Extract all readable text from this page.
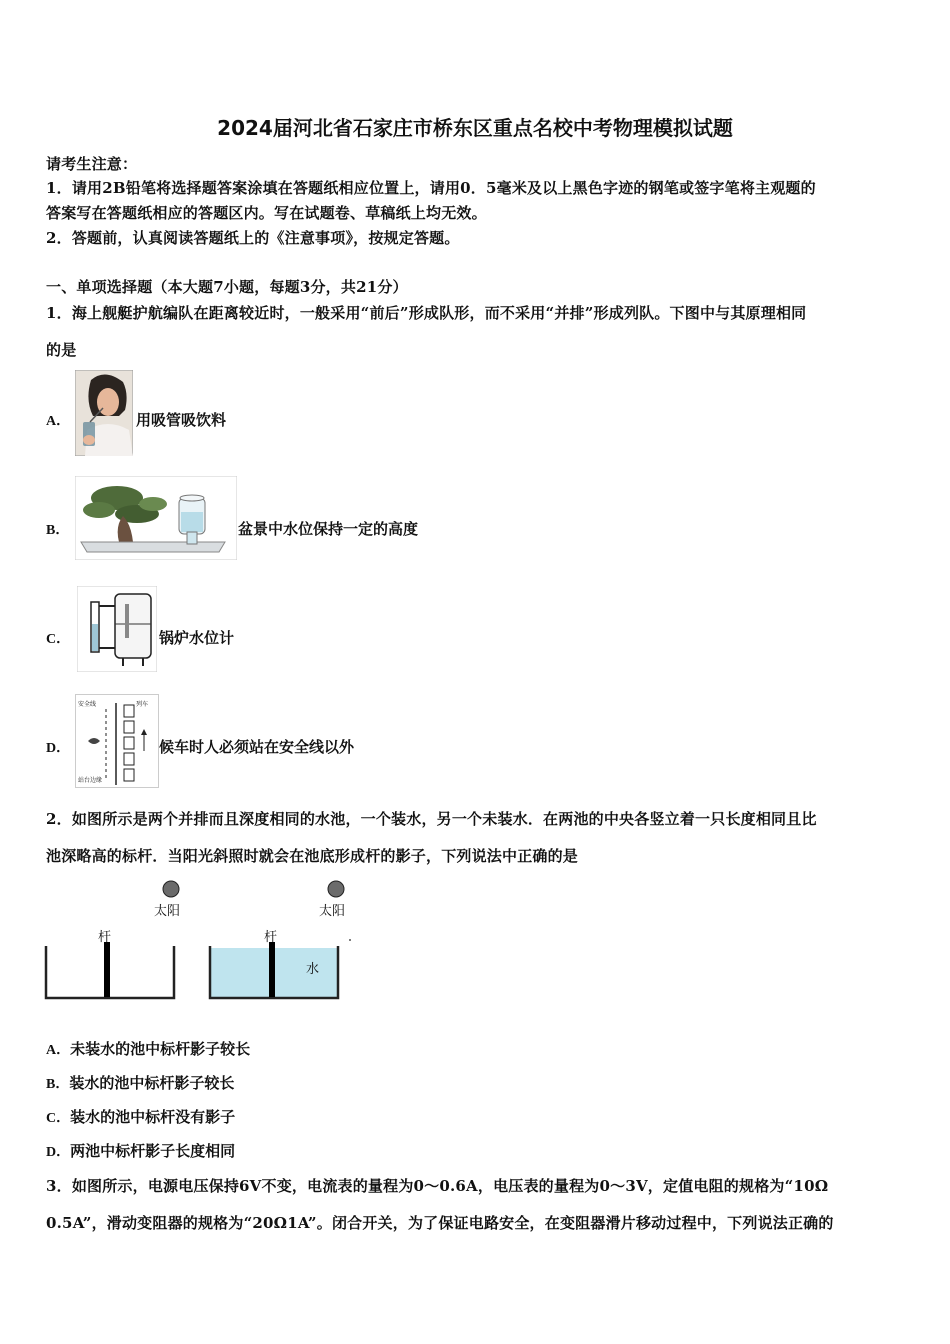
2024届河北省石家庄市桥东区重点名校中考物理模拟试题
请考生注意：
1．请用2B铅笔将选择题答案涂填在答题纸相应位置上，请用0．5毫米及以上黑色字迹的钢笔或签字笔将主观题的
答案写在答题纸相应的答题区内。写在试题卷、草稿纸上均无效。
2．答题前，认真阅读答题纸上的《注意事项》，按规定答题。
一、单项选择题（本大题7小题，每题3分，共21分）
1．海上舰艇护航编队在距离较近时，一般采用“前后”形成队形，而不采用“并排”形成列队。下图中与其原理相同
的是
A．	用吸管吸饮料
B．	盆景中水位保持一定的高度
C．	锅炉水位计
D．
安全线	列车
站台边缘
候车时人必须站在安全线以外
2．如图所示是两个并排而且深度相同的水池，一个装水，另一个未装水．在两池的中央各竖立着一只长度相同且比
池深略高的标杆．当阳光斜照时就会在池底形成杆的影子，下列说法中正确的是
太阳	太阳
杆	杆
水
A．未装水的池中标杆影子较长
B．装水的池中标杆影子较长
C．装水的池中标杆没有影子
D．两池中标杆影子长度相同
3．如图所示，电源电压保持6V不变，电流表的量程为0～0.6A，电压表的量程为0～3V，定值电阻的规格为“10Ω
0.5A”，滑动变阻器的规格为“20Ω1A”。闭合开关，为了保证电路安全，在变阻器滑片移动过程中，下列说法正确的
